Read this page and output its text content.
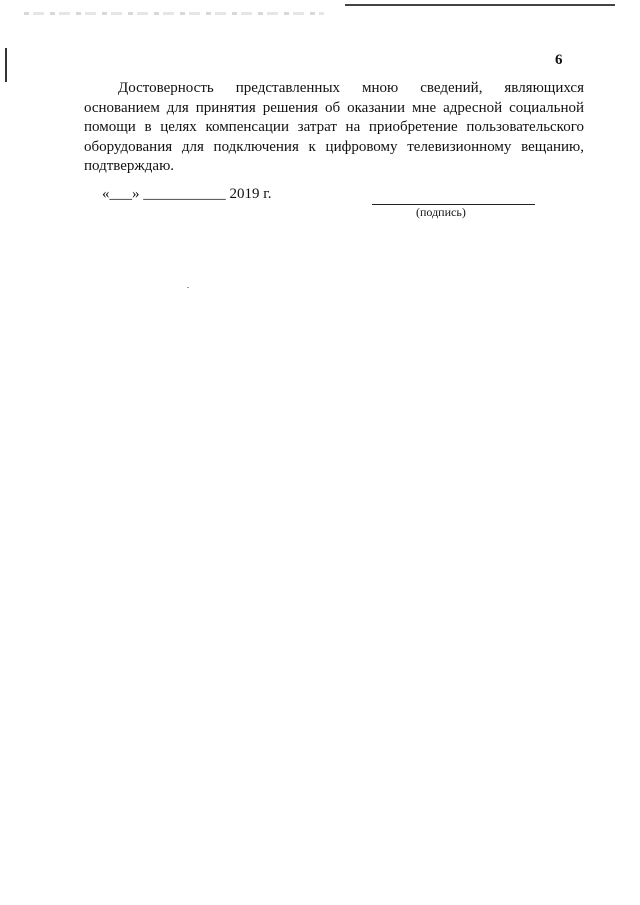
6

Достоверность представленных мною сведений, являющихся основанием для принятия решения об оказании мне адресной социальной помощи в целях компенсации затрат на приобретение пользовательского оборудования для подключения к цифровому телевизионному вещанию, подтверждаю.

«___» ___________ 2019 г.
(подпись)
